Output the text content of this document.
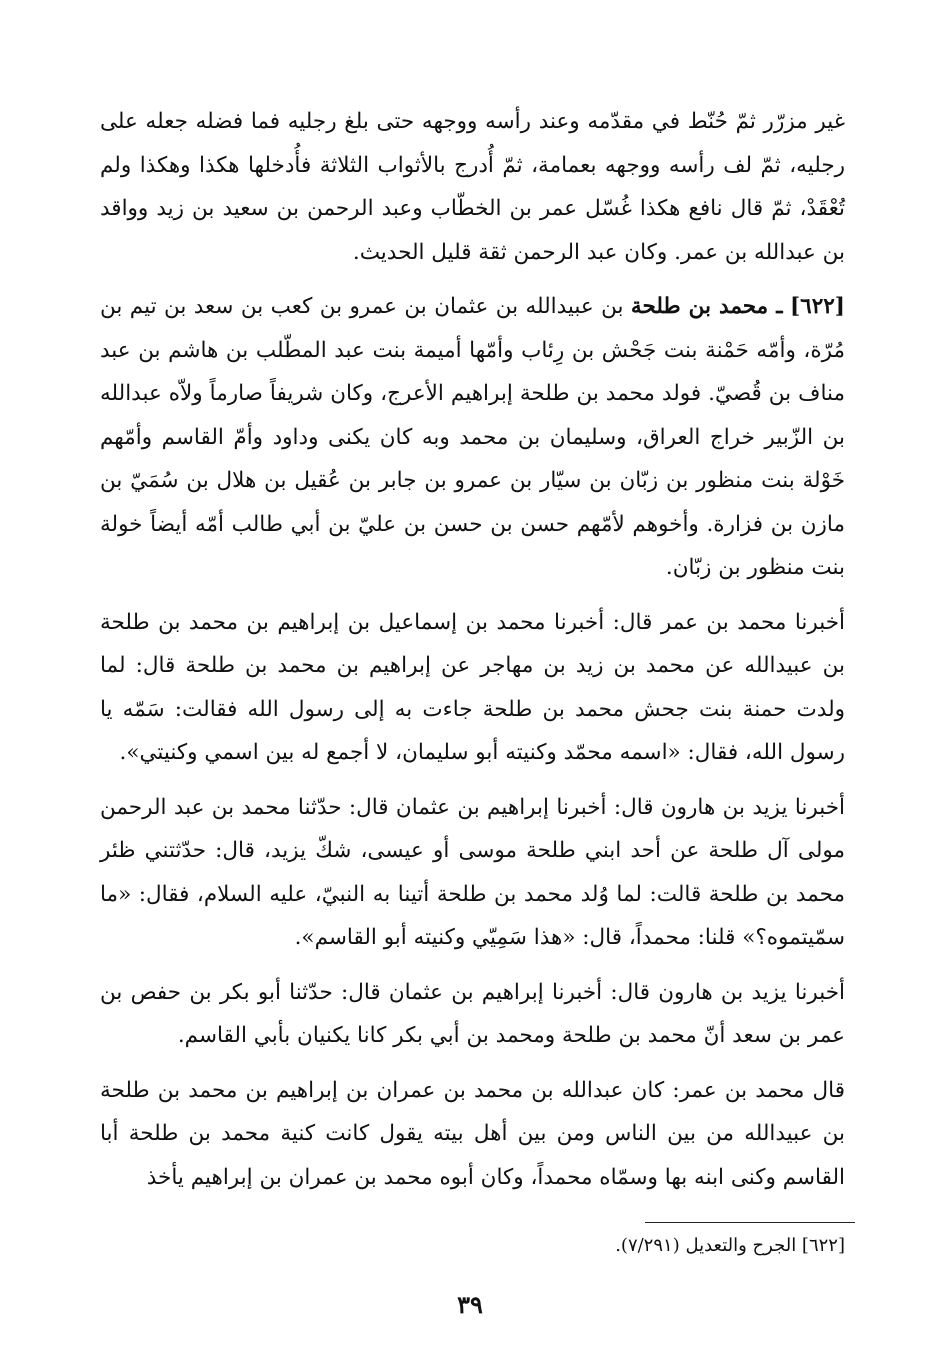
غير مزرّر ثمّ حُنّط في مقدّمه وعند رأسه ووجهه حتى بلغ رجليه فما فضله جعله على رجليه، ثمّ لف رأسه ووجهه بعمامة، ثمّ أُدرج بالأثواب الثلاثة فأُدخلها هكذا وهكذا ولم تُعْقَدْ، ثمّ قال نافع هكذا غُسّل عمر بن الخطّاب وعبد الرحمن بن سعيد بن زيد وواقد بن عبدالله بن عمر. وكان عبد الرحمن ثقة قليل الحديث.

[٦٢٢] ـ محمد بن طلحة بن عبيدالله بن عثمان بن عمرو بن كعب بن سعد بن تيم بن مُرّة، وأمّه حَمْنة بنت جَحْش بن رِئاب وأمّها أميمة بنت عبد المطّلب بن هاشم بن عبد مناف بن قُصيّ. فولد محمد بن طلحة إبراهيم الأعرج، وكان شريفاً صارماً ولاّه عبدالله بن الزّبير خراج العراق، وسليمان بن محمد وبه كان يكنى وداود وأمّ القاسم وأمّهم خَوْلة بنت منظور بن زبّان بن سيّار بن عمرو بن جابر بن عُقيل بن هلال بن سُمَيّ بن مازن بن فزارة. وأخوهم لأمّهم حسن بن حسن بن عليّ بن أبي طالب أمّه أيضاً خولة بنت منظور بن زبّان.

أخبرنا محمد بن عمر قال: أخبرنا محمد بن إسماعيل بن إبراهيم بن محمد بن طلحة بن عبيدالله عن محمد بن زيد بن مهاجر عن إبراهيم بن محمد بن طلحة قال: لما ولدت حمنة بنت جحش محمد بن طلحة جاءت به إلى رسول الله فقالت: سَمّه يا رسول الله، فقال: «اسمه محمّد وكنيته أبو سليمان، لا أجمع له بين اسمي وكنيتي».

أخبرنا يزيد بن هارون قال: أخبرنا إبراهيم بن عثمان قال: حدّثنا محمد بن عبد الرحمن مولى آل طلحة عن أحد ابني طلحة موسى أو عيسى، شكّ يزيد، قال: حدّثتني ظئر محمد بن طلحة قالت: لما وُلد محمد بن طلحة أتينا به النبيّ، عليه السلام، فقال: «ما سمّيتموه؟» قلنا: محمداً، قال: «هذا سَمِيّي وكنيته أبو القاسم».

أخبرنا يزيد بن هارون قال: أخبرنا إبراهيم بن عثمان قال: حدّثنا أبو بكر بن حفص بن عمر بن سعد أنّ محمد بن طلحة ومحمد بن أبي بكر كانا يكنيان بأبي القاسم.

قال محمد بن عمر: كان عبدالله بن محمد بن عمران بن إبراهيم بن محمد بن طلحة بن عبيدالله من بين الناس ومن بين أهل بيته يقول كانت كنية محمد بن طلحة أبا القاسم وكنى ابنه بها وسمّاه محمداً، وكان أبوه محمد بن عمران بن إبراهيم يأخذ

[٦٢٢] الجرح والتعديل (٧/٢٩١).
٣٩
